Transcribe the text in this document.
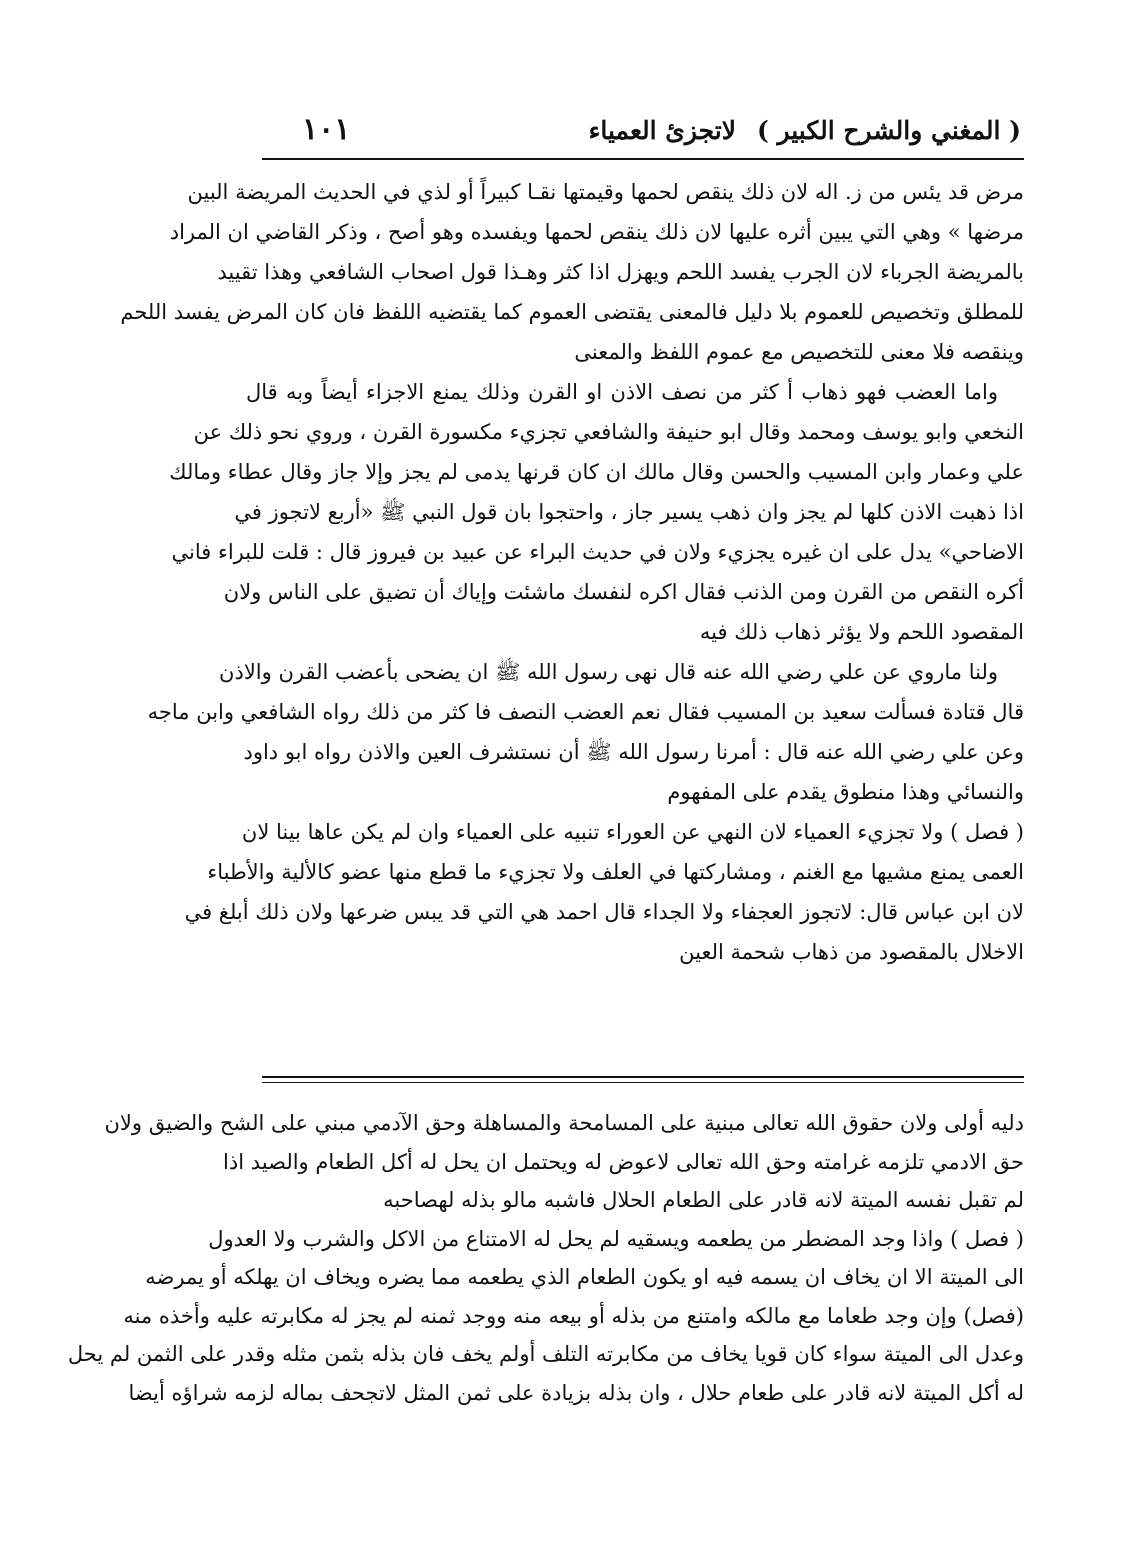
( المغني والشرح الكبير )
لاتجزئ العمياء
١٠١
مرض قد يئس من ز. اله لان ذلك ينقص لحمها وقيمتها نقـا كبيراً أو لذي في الحديث المريضة البين
مرضها » وهي التي يبين أثره عليها لان ذلك ينقص لحمها ويفسده وهو أصح ، وذكر القاضي ان المراد
بالمريضة الجرباء لان الجرب يفسد اللحم ويهزل اذا كثر وهـذا قول اصحاب الشافعي وهذا تقييد
للمطلق وتخصيص للعموم بلا دليل فالمعنى يقتضى العموم كما يقتضيه اللفظ فان كان المرض يفسد اللحم
وينقصه فلا معنى للتخصيص مع عموم اللفظ والمعنى
واما العضب فهو ذهاب أ كثر من نصف الاذن او القرن وذلك يمنع الاجزاء أيضاً وبه قال
النخعي وابو يوسف ومحمد وقال ابو حنيفة والشافعي تجزيء مكسورة القرن ، وروي نحو ذلك عن
علي وعمار وابن المسيب والحسن وقال مالك ان كان قرنها يدمى لم يجز وإلا جاز وقال عطاء ومالك
اذا ذهبت الاذن كلها لم يجز وان ذهب يسير جاز ، واحتجوا بان قول النبي ﷺ «أربع لاتجوز في
الاضاحي» يدل على ان غيره يجزيء ولان في حديث البراء عن عبيد بن فيروز قال : قلت للبراء فاني
أكره النقص من القرن ومن الذنب فقال اكره لنفسك ماشئت وإياك أن تضيق على الناس ولان
المقصود اللحم ولا يؤثر ذهاب ذلك فيه
ولنا ماروي عن علي رضي الله عنه قال نهى رسول الله ﷺ ان يضحى بأعضب القرن والاذن
قال قتادة فسألت سعيد بن المسيب فقال نعم العضب النصف فا كثر من ذلك رواه الشافعي وابن ماجه
وعن علي رضي الله عنه قال : أمرنا رسول الله ﷺ أن نستشرف العين والاذن رواه ابو داود
والنسائي وهذا منطوق يقدم على المفهوم
( فصل ) ولا تجزيء العمياء لان النهي عن العوراء تنبيه على العمياء وان لم يكن عاها بينا لان
العمى يمنع مشيها مع الغنم ، ومشاركتها في العلف ولا تجزيء ما قطع منها عضو كالألية والأطباء
لان ابن عباس قال: لاتجوز العجفاء ولا الجداء قال احمد هي التي قد يبس ضرعها ولان ذلك أبلغ في
الاخلال بالمقصود من ذهاب شحمة العين
دليه أولى ولان حقوق الله تعالى مبنية على المسامحة والمساهلة وحق الآدمي مبني على الشح والضيق ولان
حق الادمي تلزمه غرامته وحق الله تعالى لاعوض له ويحتمل ان يحل له أكل الطعام والصيد اذا
لم تقبل نفسه الميتة لانه قادر على الطعام الحلال فاشبه مالو بذله لهصاحبه
( فصل ) واذا وجد المضطر من يطعمه ويسقيه لم يحل له الامتناع من الاكل والشرب ولا العدول
الى الميتة الا ان يخاف ان يسمه فيه او يكون الطعام الذي يطعمه مما يضره ويخاف ان يهلكه أو يمرضه
(فصل) وإن وجد طعاما مع مالكه وامتنع من بذله أو بيعه منه ووجد ثمنه لم يجز له مكابرته عليه وأخذه منه
وعدل الى الميتة سواء كان قويا يخاف من مكابرته التلف أولم يخف فان بذله بثمن مثله وقدر على الثمن لم يحل
له أكل الميتة لانه قادر على طعام حلال ، وان بذله بزيادة على ثمن المثل لاتجحف بماله لزمه شراؤه أيضا
